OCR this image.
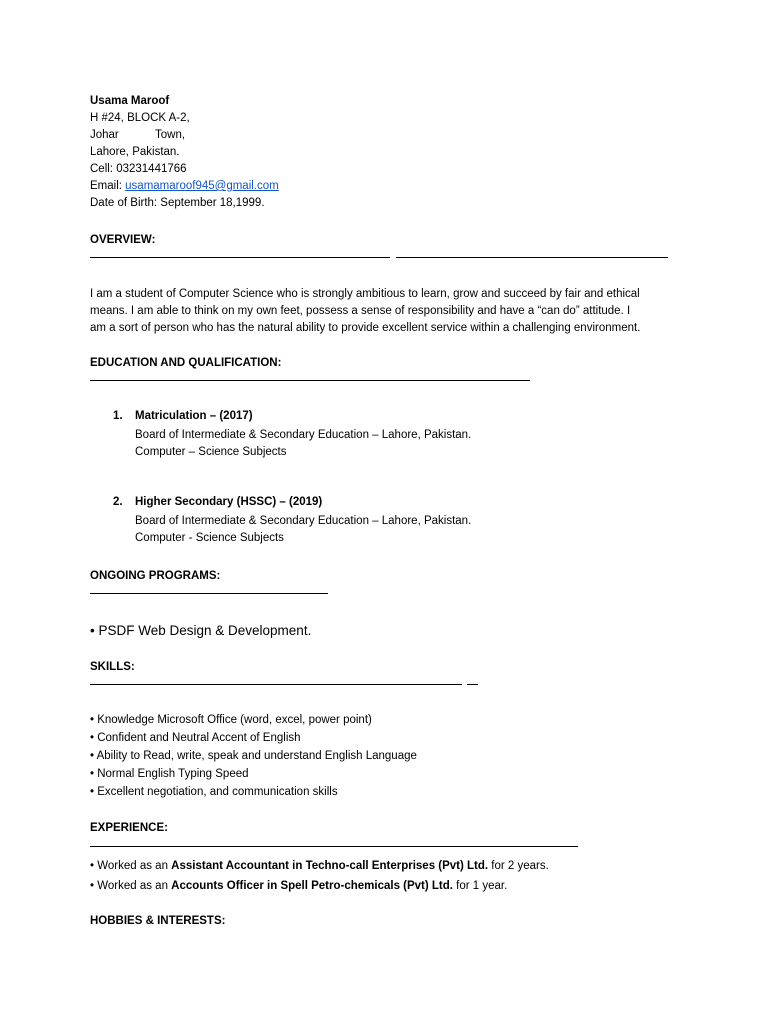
Usama Maroof
H #24, BLOCK A-2,
Johar	Town,
Lahore, Pakistan.
Cell: 03231441766
Email: usamamaroof945@gmail.com
Date of Birth: September 18,1999.
OVERVIEW:
I am a student of Computer Science who is strongly ambitious to learn, grow and succeed by fair and ethical
means. I am able to think on my own feet, possess a sense of responsibility and have a “can do” attitude. I
am a sort of person who has the natural ability to provide excellent service within a challenging environment.
EDUCATION AND QUALIFICATION:
1. Matriculation – (2017)
Board of Intermediate & Secondary Education – Lahore, Pakistan.
Computer – Science Subjects
2. Higher Secondary (HSSC) – (2019)
Board of Intermediate & Secondary Education – Lahore, Pakistan.
Computer - Science Subjects
ONGOING PROGRAMS:
• PSDF Web Design & Development.
SKILLS:
• Knowledge Microsoft Office (word, excel, power point)
• Confident and Neutral Accent of English
• Ability to Read, write, speak and understand English Language
• Normal English Typing Speed
• Excellent negotiation, and communication skills
EXPERIENCE:
• Worked as an Assistant Accountant in Techno-call Enterprises (Pvt) Ltd. for 2 years.
• Worked as an Accounts Officer in Spell Petro-chemicals (Pvt) Ltd. for 1 year.
HOBBIES & INTERESTS:
